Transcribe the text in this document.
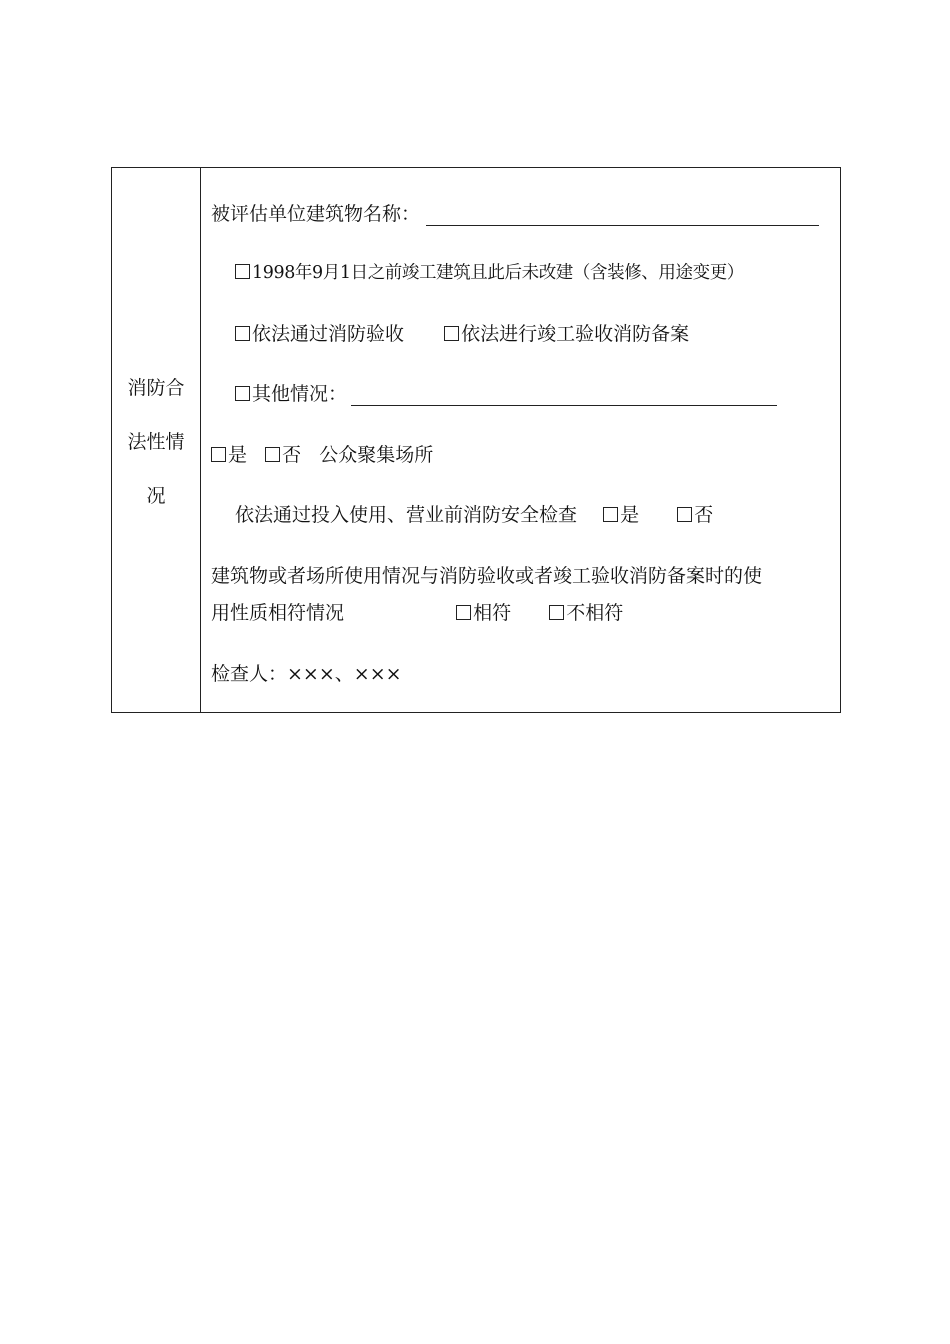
消防合
法性情
况
被评估单位建筑物名称：
1998年9月1日之前竣工建筑且此后未改建（含装修、用途变更）
依法通过消防验收	依法进行竣工验收消防备案
其他情况：
是 否 公众聚集场所
依法通过投入使用、营业前消防安全检查 是	否
建筑物或者场所使用情况与消防验收或者竣工验收消防备案时的使
用性质相符情况	相符	不相符
检查人：×××、×××
